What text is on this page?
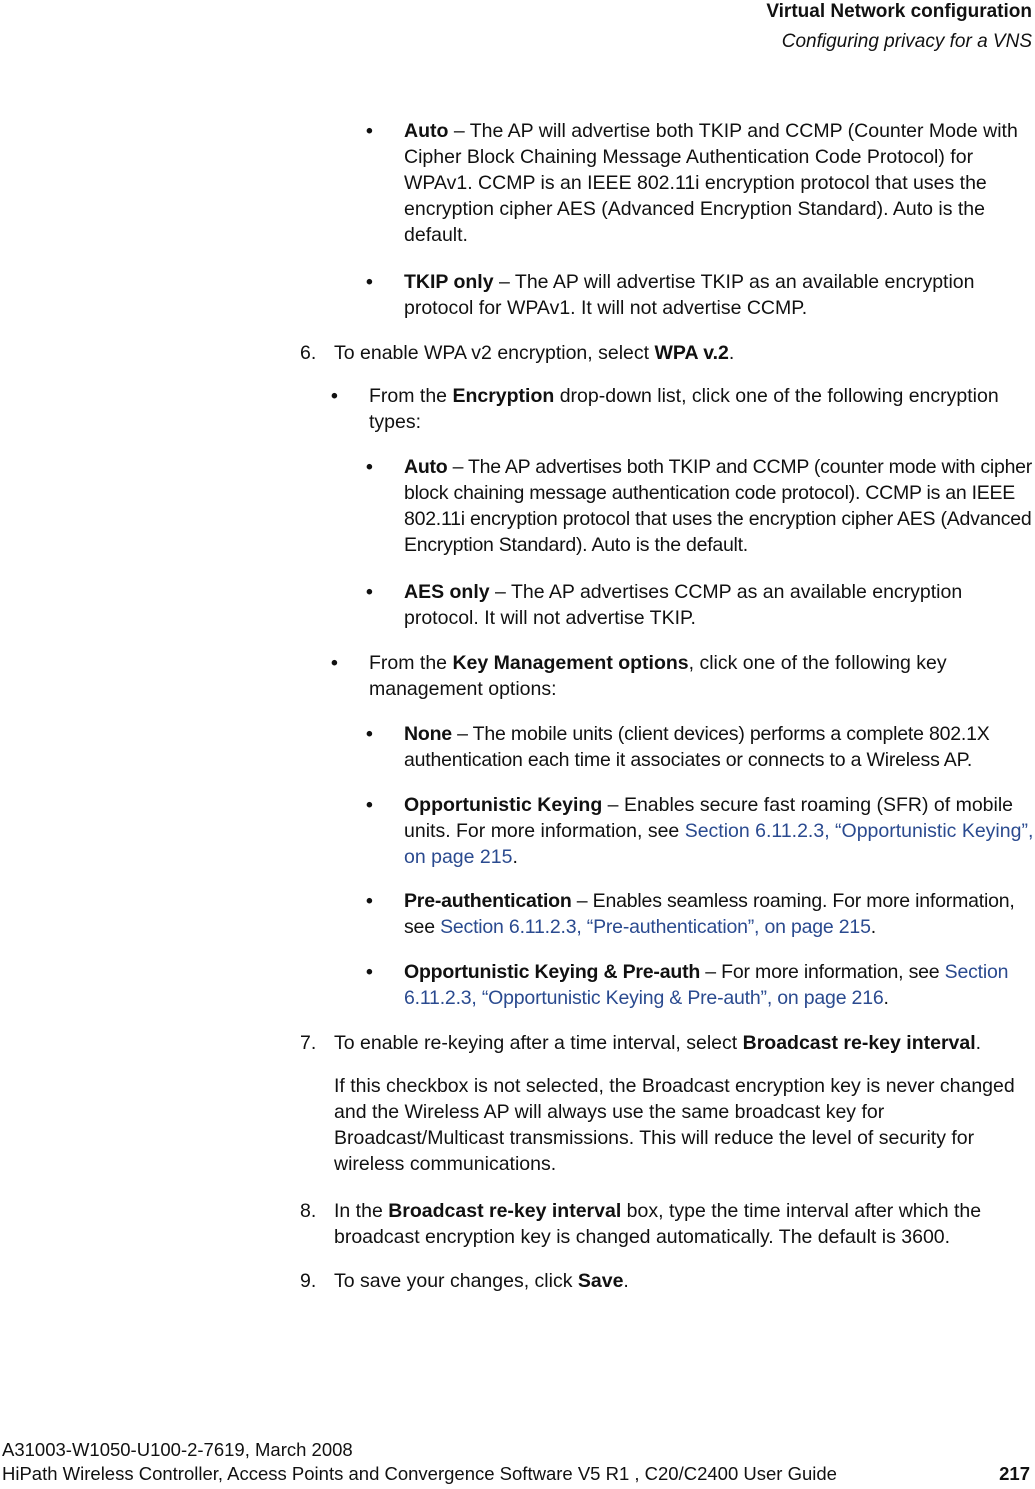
Virtual Network configuration
Configuring privacy for a VNS
• Auto – The AP will advertise both TKIP and CCMP (Counter Mode with Cipher Block Chaining Message Authentication Code Protocol) for WPAv1. CCMP is an IEEE 802.11i encryption protocol that uses the encryption cipher AES (Advanced Encryption Standard). Auto is the default.
• TKIP only – The AP will advertise TKIP as an available encryption protocol for WPAv1. It will not advertise CCMP.
6. To enable WPA v2 encryption, select WPA v.2.
• From the Encryption drop-down list, click one of the following encryption types:
• Auto – The AP advertises both TKIP and CCMP (counter mode with cipher block chaining message authentication code protocol). CCMP is an IEEE 802.11i encryption protocol that uses the encryption cipher AES (Advanced Encryption Standard). Auto is the default.
• AES only – The AP advertises CCMP as an available encryption protocol. It will not advertise TKIP.
• From the Key Management options, click one of the following key management options:
• None – The mobile units (client devices) performs a complete 802.1X authentication each time it associates or connects to a Wireless AP.
• Opportunistic Keying – Enables secure fast roaming (SFR) of mobile units. For more information, see Section 6.11.2.3, “Opportunistic Keying”, on page 215.
• Pre-authentication – Enables seamless roaming. For more information, see Section 6.11.2.3, “Pre-authentication”, on page 215.
• Opportunistic Keying & Pre-auth – For more information, see Section 6.11.2.3, “Opportunistic Keying & Pre-auth”, on page 216.
7. To enable re-keying after a time interval, select Broadcast re-key interval.
If this checkbox is not selected, the Broadcast encryption key is never changed and the Wireless AP will always use the same broadcast key for Broadcast/Multicast transmissions. This will reduce the level of security for wireless communications.
8. In the Broadcast re-key interval box, type the time interval after which the broadcast encryption key is changed automatically. The default is 3600.
9. To save your changes, click Save.
A31003-W1050-U100-2-7619, March 2008
HiPath Wireless Controller, Access Points and Convergence Software V5 R1 , C20/C2400 User Guide	217
